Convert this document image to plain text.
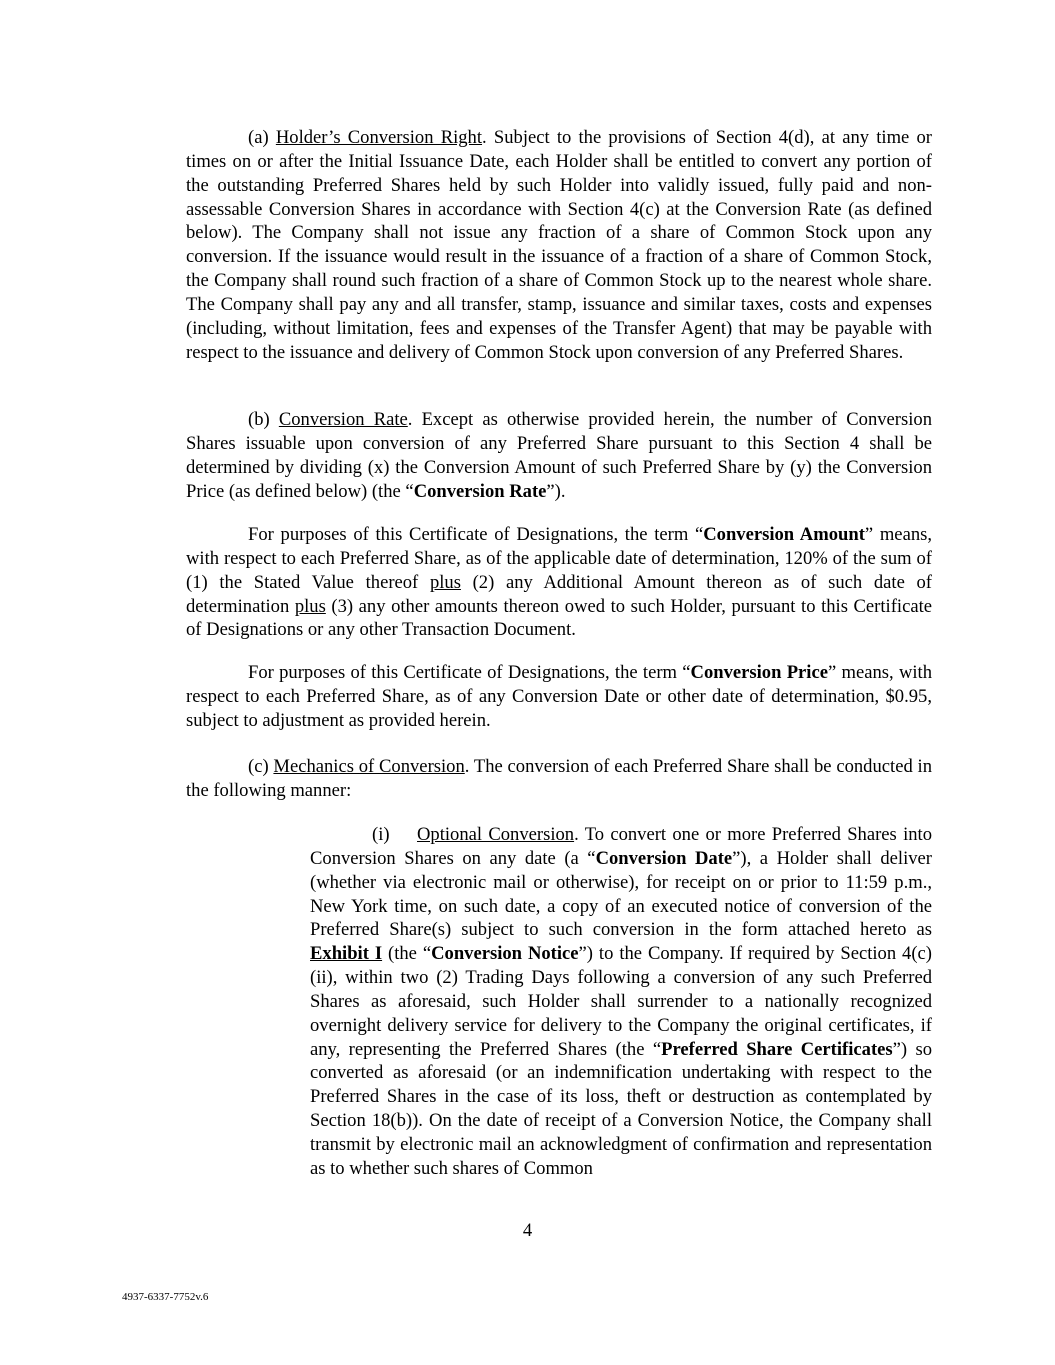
(a) Holder’s Conversion Right. Subject to the provisions of Section 4(d), at any time or times on or after the Initial Issuance Date, each Holder shall be entitled to convert any portion of the outstanding Preferred Shares held by such Holder into validly issued, fully paid and non-assessable Conversion Shares in accordance with Section 4(c) at the Conversion Rate (as defined below). The Company shall not issue any fraction of a share of Common Stock upon any conversion. If the issuance would result in the issuance of a fraction of a share of Common Stock, the Company shall round such fraction of a share of Common Stock up to the nearest whole share. The Company shall pay any and all transfer, stamp, issuance and similar taxes, costs and expenses (including, without limitation, fees and expenses of the Transfer Agent) that may be payable with respect to the issuance and delivery of Common Stock upon conversion of any Preferred Shares.

(b) Conversion Rate. Except as otherwise provided herein, the number of Conversion Shares issuable upon conversion of any Preferred Share pursuant to this Section 4 shall be determined by dividing (x) the Conversion Amount of such Preferred Share by (y) the Conversion Price (as defined below) (the “Conversion Rate”).

For purposes of this Certificate of Designations, the term “Conversion Amount” means, with respect to each Preferred Share, as of the applicable date of determination, 120% of the sum of (1) the Stated Value thereof plus (2) any Additional Amount thereon as of such date of determination plus (3) any other amounts thereon owed to such Holder, pursuant to this Certificate of Designations or any other Transaction Document.

For purposes of this Certificate of Designations, the term “Conversion Price” means, with respect to each Preferred Share, as of any Conversion Date or other date of determination, $0.95, subject to adjustment as provided herein.

(c) Mechanics of Conversion. The conversion of each Preferred Share shall be conducted in the following manner:

(i) Optional Conversion. To convert one or more Preferred Shares into Conversion Shares on any date (a “Conversion Date”), a Holder shall deliver (whether via electronic mail or otherwise), for receipt on or prior to 11:59 p.m., New York time, on such date, a copy of an executed notice of conversion of the Preferred Share(s) subject to such conversion in the form attached hereto as Exhibit I (the “Conversion Notice”) to the Company. If required by Section 4(c)(ii), within two (2) Trading Days following a conversion of any such Preferred Shares as aforesaid, such Holder shall surrender to a nationally recognized overnight delivery service for delivery to the Company the original certificates, if any, representing the Preferred Shares (the “Preferred Share Certificates”) so converted as aforesaid (or an indemnification undertaking with respect to the Preferred Shares in the case of its loss, theft or destruction as contemplated by Section 18(b)). On the date of receipt of a Conversion Notice, the Company shall transmit by electronic mail an acknowledgment of confirmation and representation as to whether such shares of Common

4
4937-6337-7752v.6
